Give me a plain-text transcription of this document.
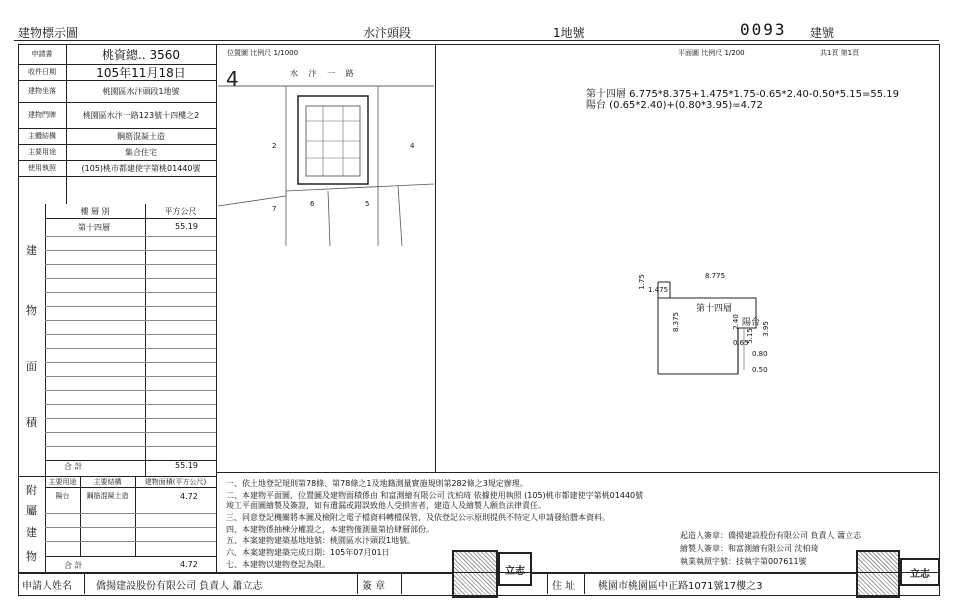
建物標示圖	水汴頭段	1地號	0093 建號
申請書	桃資總.. 3560
收件日期	105年11月18日
建物坐落	桃園區水汴頭段1地號
建物門牌	桃園區水汴一路123號十四樓之2
主體結構	鋼筋混凝土造
主要用途	集合住宅
使用執照	(105)桃市都建使字第桃01440號
樓 層 別	平方公尺
第十四層	55.19
建
物
面
積
合 計	55.19
主要用途	主要結構	建物面積(平方公尺)
陽台	鋼筋混凝土造	4.72
合 計	4.72
附
屬
建
物
位置圖 比例尺 1/1000
4	水 汴 一 路
2	4
7
6	5
平面圖 比例尺 1/200	共1頁 第1頁
第十四層 6.775*8.375+1.475*1.75-0.65*2.40-0.50*5.15=55.19
陽台 (0.65*2.40)+(0.80*3.95)=4.72
8.775
1.75
1.475
8.375
第十四層
陽台
2.40
5.15 3.95
0.65
0.80
0.50
一、依土地登記規則第78條、第78條之1及地籍測量實施規則第282條之3規定辦理。
二、本建物平面圖、位置圖及建物面積係由 和富測繪有限公司 沈柏琦 依據使用執照 (105)桃市都建使字第桃01440號
竣工平面圖繪製及簽證，如有遺漏或錯誤致他人受損害者，建造人及繪製人願負法律責任。
三、同意登記機關將本圖及檢附之電子檔資料轉檔保管，及依登記公示原則提供不特定人申請發給謄本資料。
四、本建物係抽棟分權證之，本建物僅測量第拾肆層部份。
五、本案建物建築基地地號：桃園區水汴頭段1地號。
六、本案建物建築完成日期：105年07月01日
七、本建物以建物登記為限。
起造人簽章：僑揚建設股份有限公司 負責人 蕭立志
繪製人簽章：和富測繪有限公司 沈柏琦
執業執照字號：技執字第007611號
立志	立志
申請人姓名 僑揚建設股份有限公司 負責人 蕭立志	簽 章	住 址 桃園市桃園區中正路1071號17樓之3
